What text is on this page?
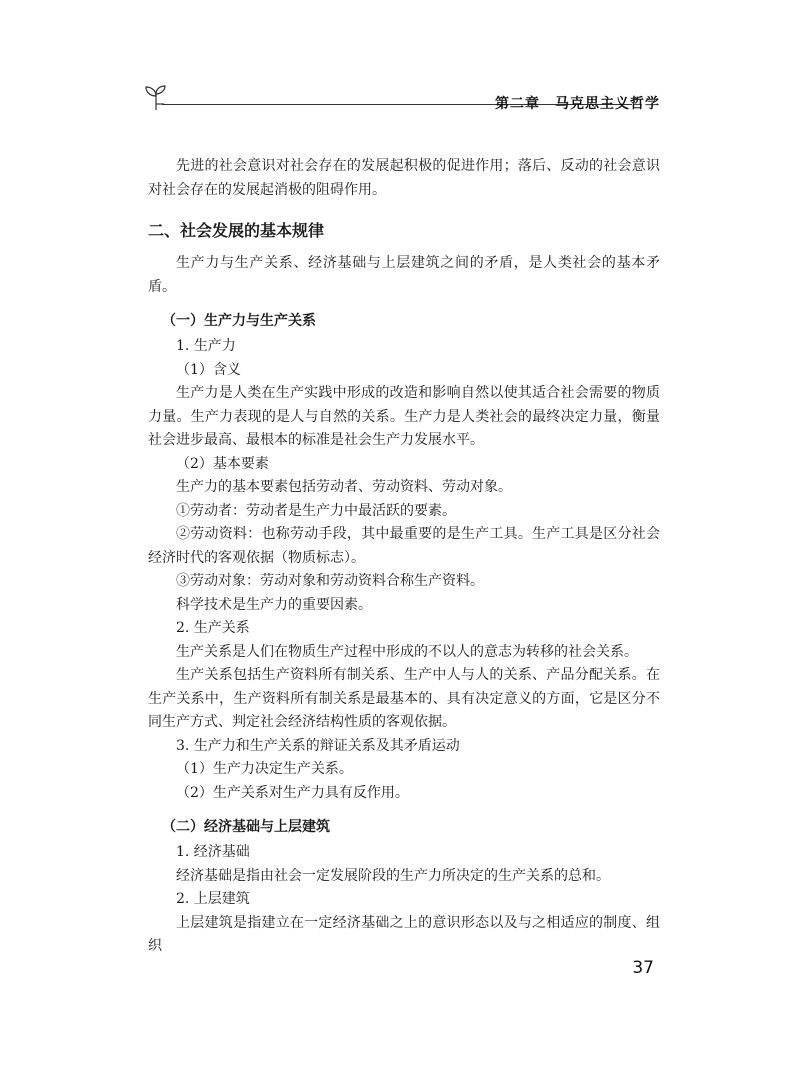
第二章　马克思主义哲学

先进的社会意识对社会存在的发展起积极的促进作用；落后、反动的社会意识对社会存在的发展起消极的阻碍作用。

二、社会发展的基本规律

生产力与生产关系、经济基础与上层建筑之间的矛盾，是人类社会的基本矛盾。

（一）生产力与生产关系

1. 生产力

（1）含义

生产力是人类在生产实践中形成的改造和影响自然以使其适合社会需要的物质力量。生产力表现的是人与自然的关系。生产力是人类社会的最终决定力量，衡量社会进步最高、最根本的标准是社会生产力发展水平。

（2）基本要素

生产力的基本要素包括劳动者、劳动资料、劳动对象。

①劳动者：劳动者是生产力中最活跃的要素。

②劳动资料：也称劳动手段，其中最重要的是生产工具。生产工具是区分社会经济时代的客观依据（物质标志）。

③劳动对象：劳动对象和劳动资料合称生产资料。

科学技术是生产力的重要因素。

2. 生产关系

生产关系是人们在物质生产过程中形成的不以人的意志为转移的社会关系。

生产关系包括生产资料所有制关系、生产中人与人的关系、产品分配关系。在生产关系中，生产资料所有制关系是最基本的、具有决定意义的方面，它是区分不同生产方式、判定社会经济结构性质的客观依据。

3. 生产力和生产关系的辩证关系及其矛盾运动

（1）生产力决定生产关系。

（2）生产关系对生产力具有反作用。

（二）经济基础与上层建筑

1. 经济基础

经济基础是指由社会一定发展阶段的生产力所决定的生产关系的总和。

2. 上层建筑

上层建筑是指建立在一定经济基础之上的意识形态以及与之相适应的制度、组织

37
